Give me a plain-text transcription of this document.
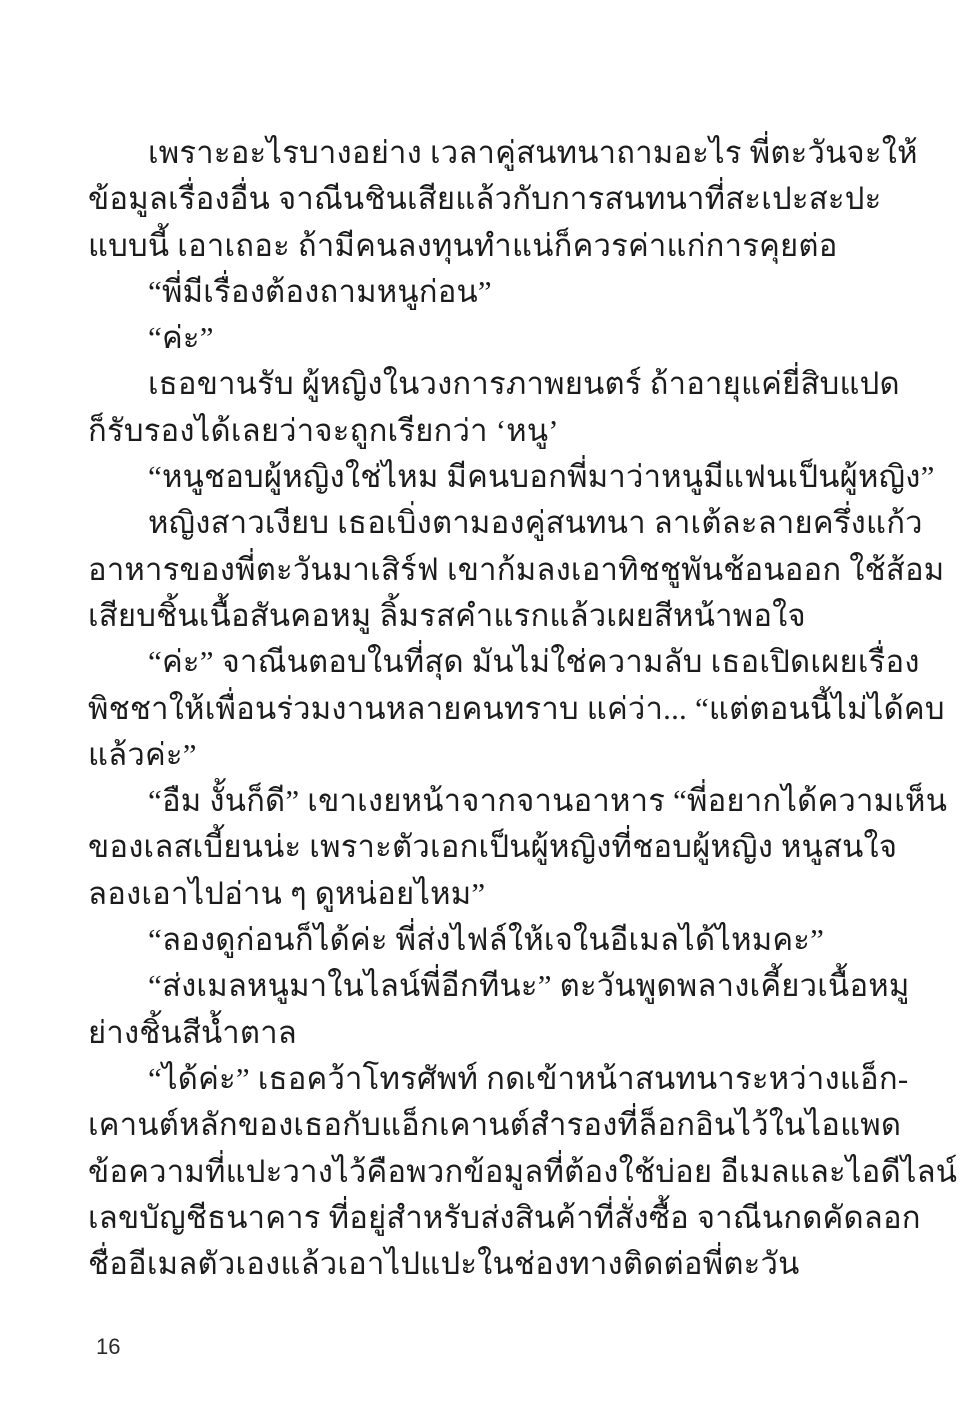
เพราะอะไรบางอย่าง เวลาคู่สนทนาถามอะไร พี่ตะวันจะให้
ข้อมูลเรื่องอื่น จาณีนชินเสียแล้วกับการสนทนาที่สะเปะสะปะ
แบบนี้ เอาเถอะ ถ้ามีคนลงทุนทำแน่ก็ควรค่าแก่การคุยต่อ
“พี่มีเรื่องต้องถามหนูก่อน”
“ค่ะ”
เธอขานรับ ผู้หญิงในวงการภาพยนตร์ ถ้าอายุแค่ยี่สิบแปด
ก็รับรองได้เลยว่าจะถูกเรียกว่า ‘หนู’
“หนูชอบผู้หญิงใช่ไหม มีคนบอกพี่มาว่าหนูมีแฟนเป็นผู้หญิง”
หญิงสาวเงียบ เธอเบิ่งตามองคู่สนทนา ลาเต้ละลายครึ่งแก้ว
อาหารของพี่ตะวันมาเสิร์ฟ เขาก้มลงเอาทิชชูพันช้อนออก ใช้ส้อม
เสียบชิ้นเนื้อสันคอหมู ลิ้มรสคำแรกแล้วเผยสีหน้าพอใจ
“ค่ะ” จาณีนตอบในที่สุด มันไม่ใช่ความลับ เธอเปิดเผยเรื่อง
พิชชาให้เพื่อนร่วมงานหลายคนทราบ แค่ว่า... “แต่ตอนนี้ไม่ได้คบ
แล้วค่ะ”
“อืม งั้นก็ดี” เขาเงยหน้าจากจานอาหาร “พี่อยากได้ความเห็น
ของเลสเบี้ยนน่ะ เพราะตัวเอกเป็นผู้หญิงที่ชอบผู้หญิง หนูสนใจ
ลองเอาไปอ่าน ๆ ดูหน่อยไหม”
“ลองดูก่อนก็ได้ค่ะ พี่ส่งไฟล์ให้เจในอีเมลได้ไหมคะ”
“ส่งเมลหนูมาในไลน์พี่อีกทีนะ” ตะวันพูดพลางเคี้ยวเนื้อหมู
ย่างชิ้นสีน้ำตาล
“ได้ค่ะ” เธอคว้าโทรศัพท์ กดเข้าหน้าสนทนาระหว่างแอ็ก-
เคานต์หลักของเธอกับแอ็กเคานต์สำรองที่ล็อกอินไว้ในไอแพด
ข้อความที่แปะวางไว้คือพวกข้อมูลที่ต้องใช้บ่อย อีเมลและไอดีไลน์
เลขบัญชีธนาคาร ที่อยู่สำหรับส่งสินค้าที่สั่งซื้อ จาณีนกดคัดลอก
ชื่ออีเมลตัวเองแล้วเอาไปแปะในช่องทางติดต่อพี่ตะวัน
16
